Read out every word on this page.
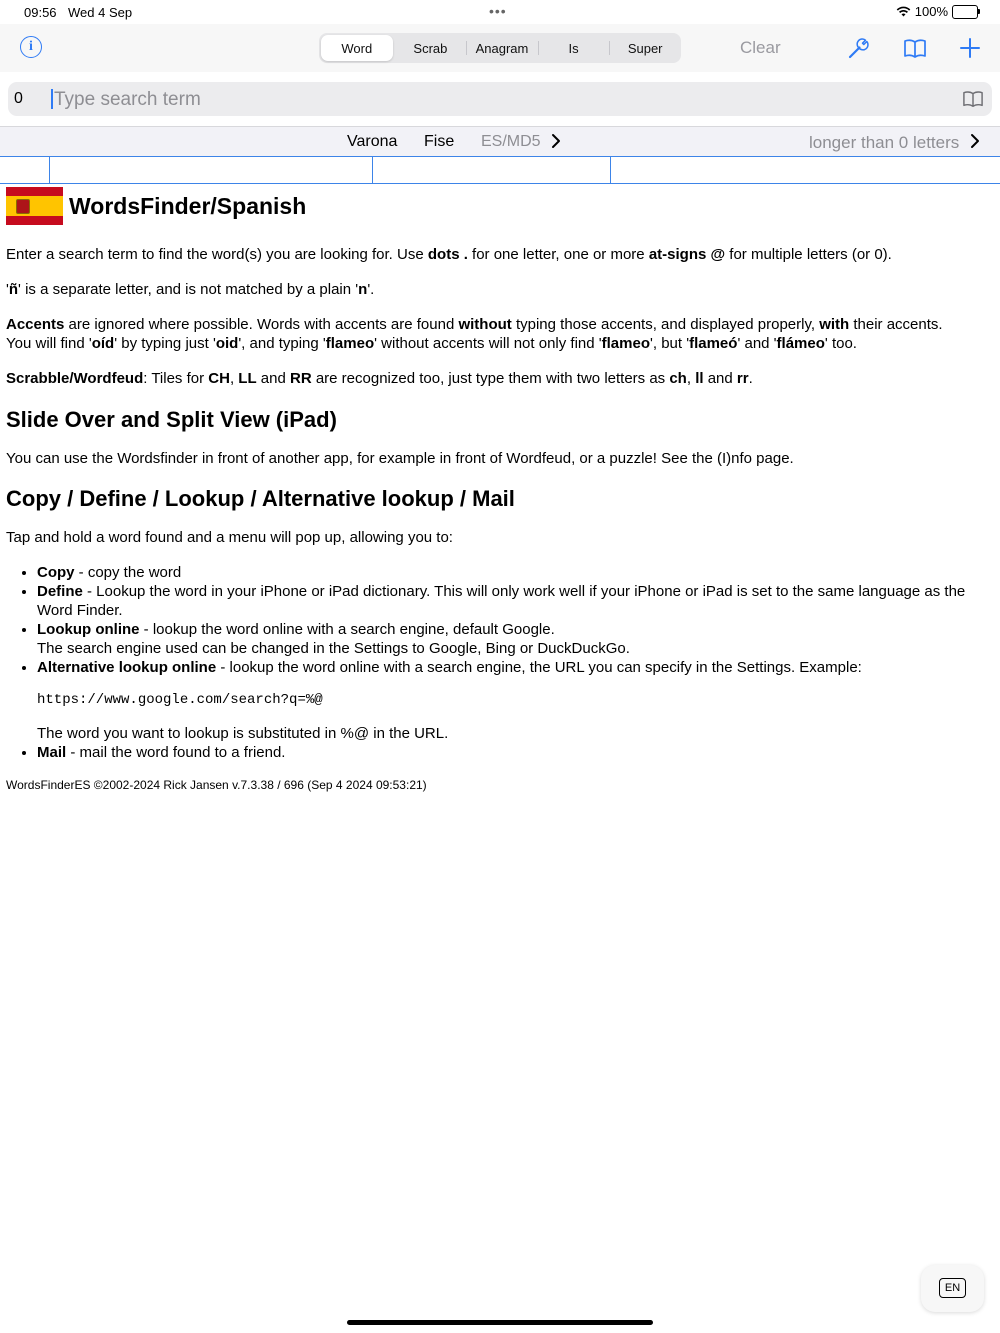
09:56 Wed 4 Sep	•••	100%
i	Word	Scrab	Anagram	Is	Super	Clear
0
Type search term
Varona Fise ES/MD5	longer than 0 letters
WordsFinder/Spanish

Enter a search term to find the word(s) you are looking for. Use dots . for one letter, one or more at-signs @ for multiple letters (or 0).

'ñ' is a separate letter, and is not matched by a plain 'n'.

Accents are ignored where possible. Words with accents are found without typing those accents, and displayed properly, with their accents.
You will find 'oíd' by typing just 'oid', and typing 'flameo' without accents will not only find 'flameo', but 'flameó' and 'flámeo' too.

Scrabble/Wordfeud: Tiles for CH, LL and RR are recognized too, just type them with two letters as ch, ll and rr.

Slide Over and Split View (iPad)

You can use the Wordsfinder in front of another app, for example in front of Wordfeud, or a puzzle! See the (I)nfo page.

Copy / Define / Lookup / Alternative lookup / Mail

Tap and hold a word found and a menu will pop up, allowing you to:

• Copy - copy the word
• Define - Lookup the word in your iPhone or iPad dictionary. This will only work well if your iPhone or iPad is set to the same language as the Word Finder.
• Lookup online - lookup the word online with a search engine, default Google.
The search engine used can be changed in the Settings to Google, Bing or DuckDuckGo.
• Alternative lookup online - lookup the word online with a search engine, the URL you can specify in the Settings. Example:
https://www.google.com/search?q=%@
The word you want to lookup is substituted in %@ in the URL.
• Mail - mail the word found to a friend.
WordsFinderES ©2002-2024 Rick Jansen v.7.3.38 / 696 (Sep 4 2024 09:53:21)
EN
